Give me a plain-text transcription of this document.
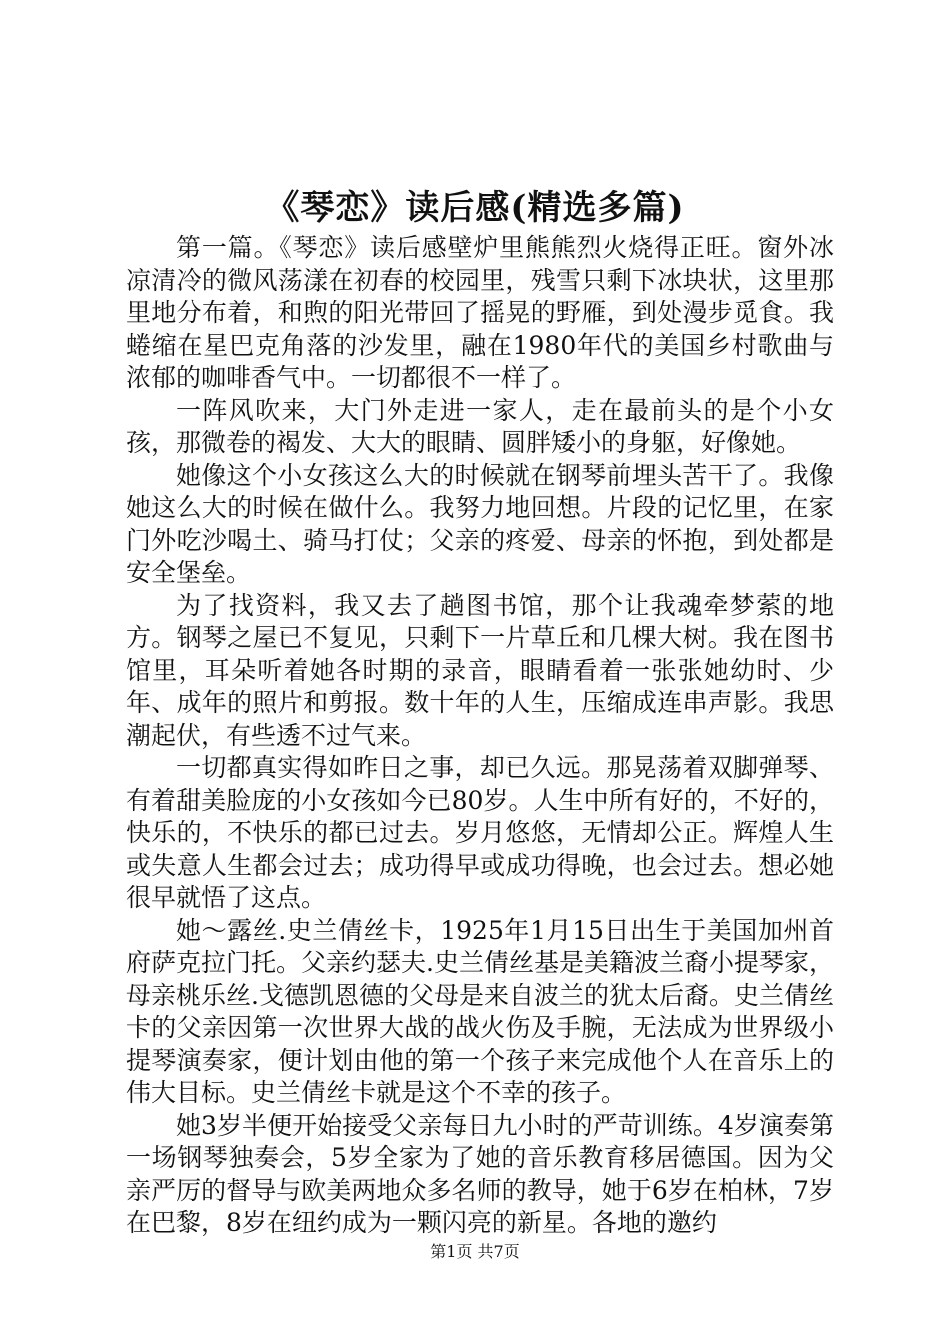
《琴恋》读后感(精选多篇)

第一篇。《琴恋》读后感壁炉里熊熊烈火烧得正旺。窗外冰凉清冷的微风荡漾在初春的校园里，残雪只剩下冰块状，这里那里地分布着，和煦的阳光带回了摇晃的野雁，到处漫步觅食。我蜷缩在星巴克角落的沙发里，融在1980年代的美国乡村歌曲与浓郁的咖啡香气中。一切都很不一样了。

一阵风吹来，大门外走进一家人，走在最前头的是个小女孩，那微卷的褐发、大大的眼睛、圆胖矮小的身躯，好像她。

她像这个小女孩这么大的时候就在钢琴前埋头苦干了。我像她这么大的时候在做什么。我努力地回想。片段的记忆里，在家门外吃沙喝土、骑马打仗；父亲的疼爱、母亲的怀抱，到处都是安全堡垒。

为了找资料，我又去了趟图书馆，那个让我魂牵梦萦的地方。钢琴之屋已不复见，只剩下一片草丘和几棵大树。我在图书馆里，耳朵听着她各时期的录音，眼睛看着一张张她幼时、少年、成年的照片和剪报。数十年的人生，压缩成连串声影。我思潮起伏，有些透不过气来。

一切都真实得如昨日之事，却已久远。那晃荡着双脚弹琴、有着甜美脸庞的小女孩如今已80岁。人生中所有好的，不好的，快乐的，不快乐的都已过去。岁月悠悠，无情却公正。辉煌人生或失意人生都会过去；成功得早或成功得晚，也会过去。想必她很早就悟了这点。

她～露丝.史兰倩丝卡，1925年1月15日出生于美国加州首府萨克拉门托。父亲约瑟夫.史兰倩丝基是美籍波兰裔小提琴家，母亲桃乐丝.戈德凯恩德的父母是来自波兰的犹太后裔。史兰倩丝卡的父亲因第一次世界大战的战火伤及手腕，无法成为世界级小提琴演奏家，便计划由他的第一个孩子来完成他个人在音乐上的伟大目标。史兰倩丝卡就是这个不幸的孩子。

她3岁半便开始接受父亲每日九小时的严苛训练。4岁演奏第一场钢琴独奏会，5岁全家为了她的音乐教育移居德国。因为父亲严厉的督导与欧美两地众多名师的教导，她于6岁在柏林，7岁在巴黎，8岁在纽约成为一颗闪亮的新星。各地的邀约

第1页 共7页
